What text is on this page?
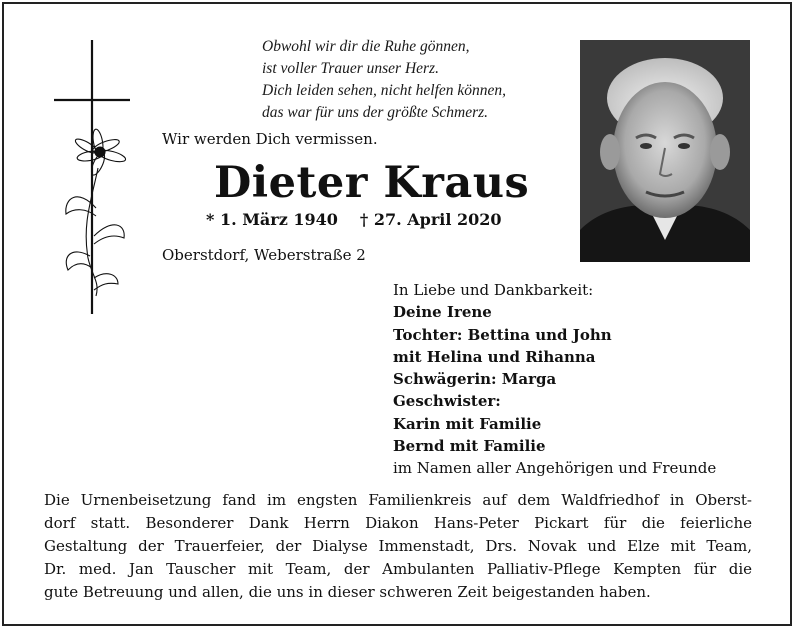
Obwohl wir dir die Ruhe gönnen,
ist voller Trauer unser Herz.
Dich leiden sehen, nicht helfen können,
das war für uns der größte Schmerz.
Wir werden Dich vermissen.
Dieter Kraus
* 1. März 1940 † 27. April 2020
Oberstdorf, Weberstraße 2
In Liebe und Dankbarkeit:
Deine Irene
Tochter: Bettina und John
mit Helina und Rihanna
Schwägerin: Marga
Geschwister:
Karin mit Familie
Bernd mit Familie
im Namen aller Angehörigen und Freunde
Die Urnenbeisetzung fand im engsten Familienkreis auf dem Waldfriedhof in Oberst-
dorf statt. Besonderer Dank Herrn Diakon Hans-Peter Pickart für die feierliche
Gestaltung der Trauerfeier, der Dialyse Immenstadt, Drs. Novak und Elze mit Team,
Dr. med. Jan Tauscher mit Team, der Ambulanten Palliativ-Pflege Kempten für die
gute Betreuung und allen, die uns in dieser schweren Zeit beigestanden haben.
